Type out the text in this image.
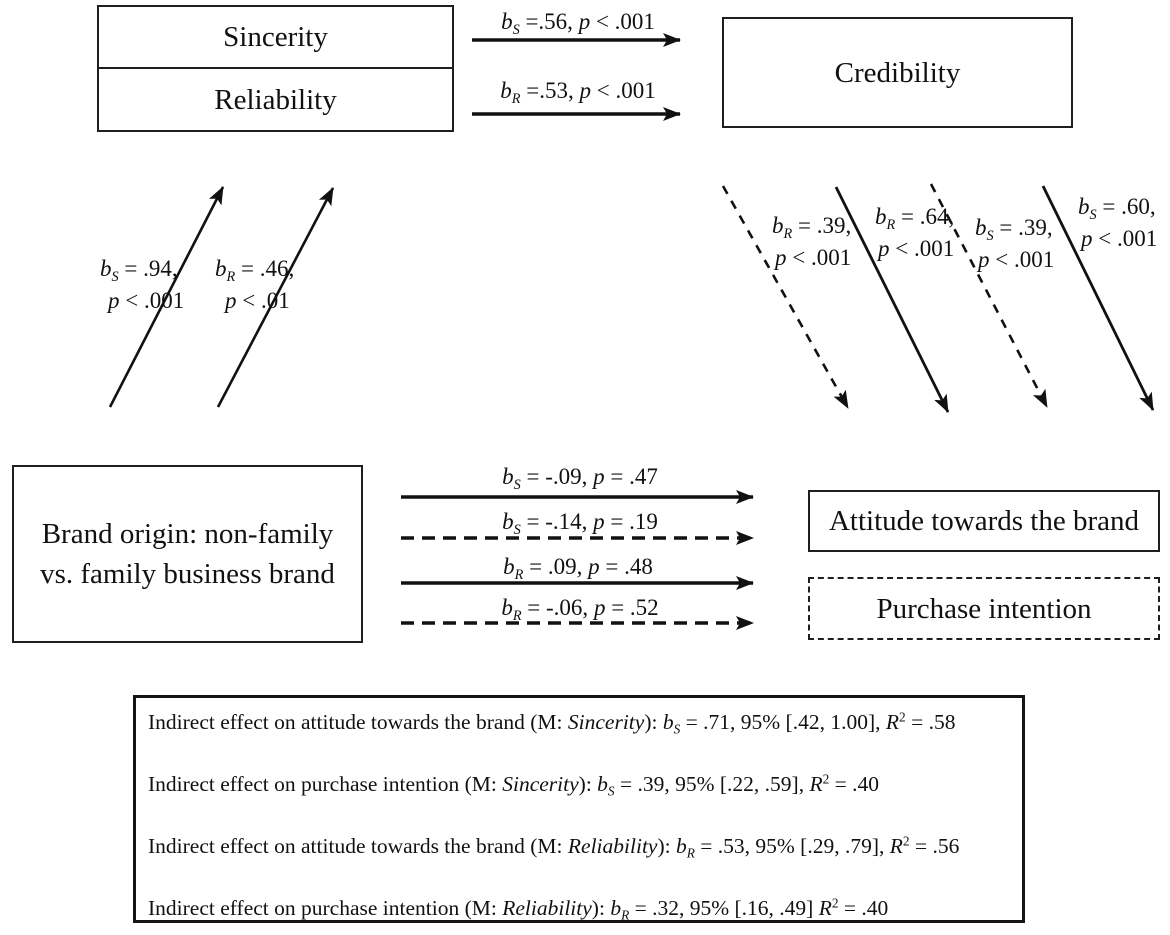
Sincerity
Reliability
Credibility
Brand origin: non-family
vs. family business brand
Attitude towards the brand
Purchase intention
$b_S =.56$, p < .001
$b_R =.53$, p < .001
$b_S = .94$,
p < .001
$b_R = .46$,
p < .01
$b_R = .39$,
p < .001
$b_R = .64$,
p < .001
$b_S = .39$,
p < .001
$b_S = .60$,
p < .001
$b_S = -.09$, p = .47
$b_S = -.14$, p = .19
$b_R = .09$, p = .48
$b_R = -.06$, p = .52
Indirect effect on attitude towards the brand (M: Sincerity): $b_S = .71$, 95% [.42, 1.00], $R^2 = .58$
Indirect effect on purchase intention (M: Sincerity): $b_S = .39$, 95% [.22, .59], $R^2 = .40$
Indirect effect on attitude towards the brand (M: Reliability): $b_R = .53$, 95% [.29, .79], $R^2 = .56$
Indirect effect on purchase intention (M: Reliability): $b_R = .32$, 95% [.16, .49] $R^2 = .40$
